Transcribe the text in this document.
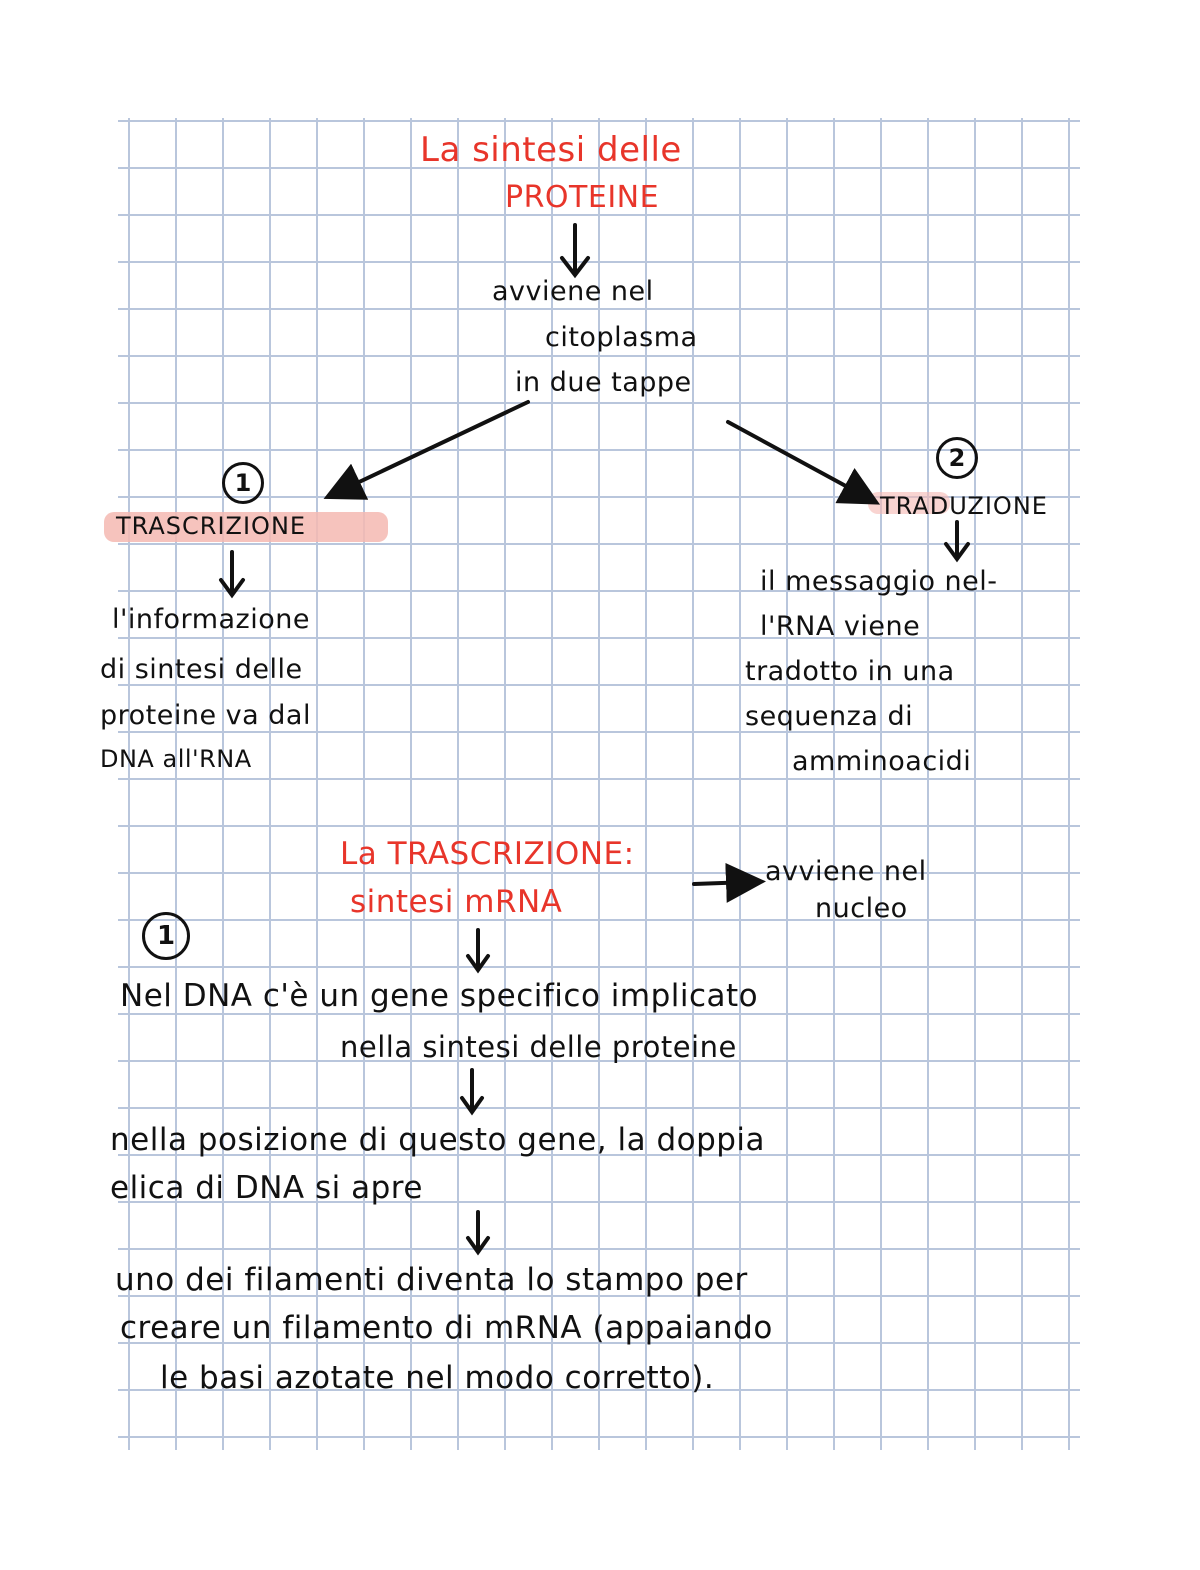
La sintesi delle

PROTEINE

avviene nel

citoplasma

in due tappe

1

TRASCRIZIONE

l'informazione

di sintesi delle

proteine va dal

DNA all'RNA

2

TRADUZIONE

il messaggio nel-

l'RNA viene

tradotto in una

sequenza di

amminoacidi

La TRASCRIZIONE:

sintesi mRNA

avviene nel

nucleo

1

Nel DNA c'è un gene specifico implicato

nella sintesi delle proteine

nella posizione di questo gene, la doppia

elica di DNA si apre

uno dei filamenti diventa lo stampo per

creare un filamento di mRNA (appaiando

le basi azotate nel modo corretto).
